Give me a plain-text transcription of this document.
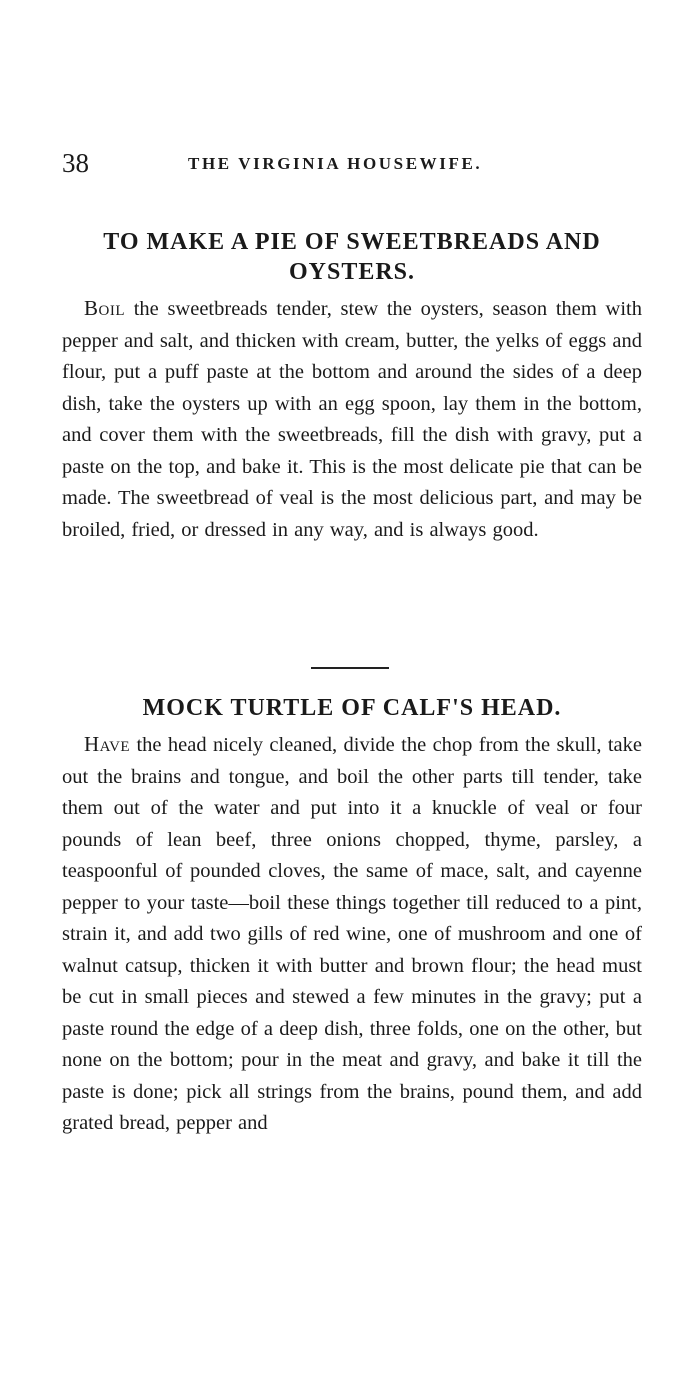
38	THE VIRGINIA HOUSEWIFE.
TO MAKE A PIE OF SWEETBREADS AND OYSTERS.

Boil the sweetbreads tender, stew the oysters, season them with pepper and salt, and thicken with cream, butter, the yelks of eggs and flour, put a puff paste at the bottom and around the sides of a deep dish, take the oysters up with an egg spoon, lay them in the bottom, and cover them with the sweetbreads, fill the dish with gravy, put a paste on the top, and bake it. This is the most delicate pie that can be made. The sweetbread of veal is the most delicious part, and may be broiled, fried, or dressed in any way, and is always good.

MOCK TURTLE OF CALF'S HEAD.

Have the head nicely cleaned, divide the chop from the skull, take out the brains and tongue, and boil the other parts till tender, take them out of the water and put into it a knuckle of veal or four pounds of lean beef, three onions chopped, thyme, parsley, a teaspoonful of pounded cloves, the same of mace, salt, and cayenne pepper to your taste—boil these things together till reduced to a pint, strain it, and add two gills of red wine, one of mushroom and one of walnut catsup, thicken it with butter and brown flour; the head must be cut in small pieces and stewed a few minutes in the gravy; put a paste round the edge of a deep dish, three folds, one on the other, but none on the bottom; pour in the meat and gravy, and bake it till the paste is done; pick all strings from the brains, pound them, and add grated bread, pepper and
